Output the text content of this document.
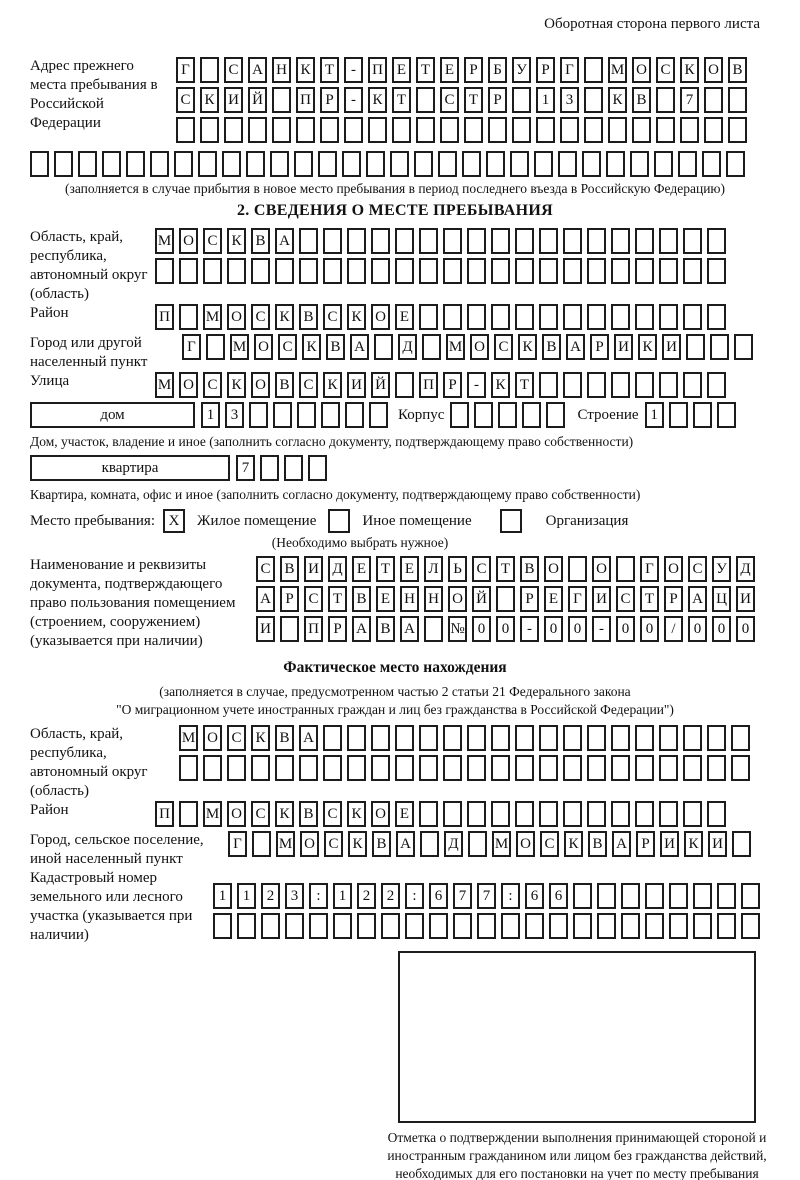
Оборотная сторона первого листа
Адрес прежнего места пребывания в Российской Федерации
Г	С А Н К Т	-	П Е Т Е	Р	Б У Р	Г	М О С К О В
С К И Й П Р	-	К Т	С Т	Р	1	3	К В	7
(заполняется в случае прибытия в новое место пребывания в период последнего въезда в Российскую Федерацию)
2. СВЕДЕНИЯ О МЕСТЕ ПРЕБЫВАНИЯ
Область, край, республика, автономный округ (область)
М О С К В А
Район	П М О С К В С К О Е
Город или другой населенный пункт
Г	М О С К В А Д М О С К В А Р И К И
Улица	М О С К О В С К И Й П Р	-	К Т
дом	1	3	Корпус	Строение 1
Дом, участок, владение и иное (заполнить согласно документу, подтверждающему право собственности)
квартира	7
Квартира, комната, офис и иное (заполнить согласно документу, подтверждающему право собственности)
Место пребывания: X	Жилое помещение	Иное помещение	Организация
(Необходимо выбрать нужное)
Наименование и реквизиты документа, подтверждающего право пользования помещением (строением, сооружением) (указывается при наличии)
С В И Д Е Т Е Л Ь С Т В О О	Г О С У Д
А Р С Т В Е Н Н О Й	Р	Е	Г И С Т	Р А Ц И
И П Р А В А № 0	0	-	0	0	-	0	0	/	0	0	0
Фактическое место нахождения
(заполняется в случае, предусмотренном частью 2 статьи 21 Федерального закона
"О миграционном учете иностранных граждан и лиц без гражданства в Российской Федерации")
Область, край, республика, автономный округ (область)
М О С К В А
Район	П М О С К В С К О Е
Город, сельское поселение, иной населенный пункт
Г	М О С К В А Д М О С К В А Р И К И
Кадастровый номер земельного или лесного участка (указывается при наличии)
1	1	2	3	:	1	2	2	:	6	7	7	:	6	6
Отметка о подтверждении выполнения принимающей стороной и иностранным гражданином или лицом без гражданства действий, необходимых для его постановки на учет по месту пребывания
